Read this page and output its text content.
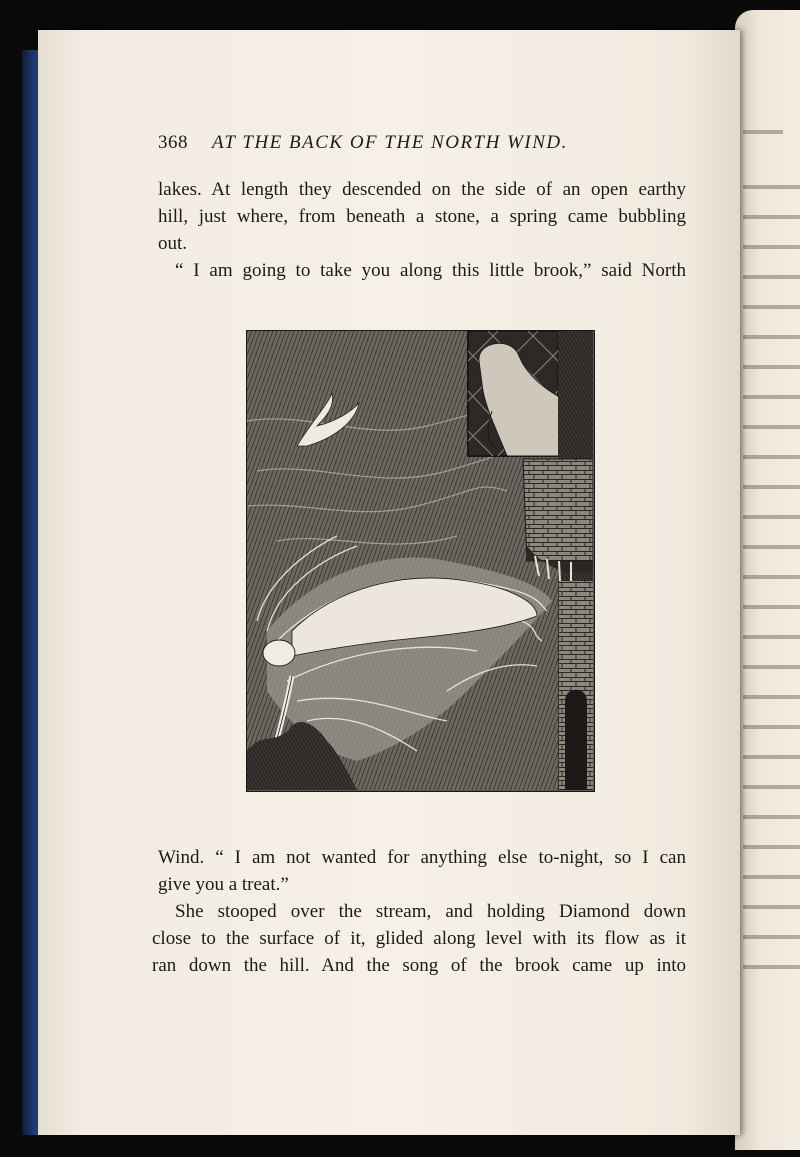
368 AT THE BACK OF THE NORTH WIND.
lakes. At length they descended on the side of an open earthy
hill, just where, from beneath a stone, a spring came bubbling
out.
“ I am going to take you along this little brook,” said North
Wind. “ I am not wanted for anything else to-night, so I can
give you a treat.”
She stooped over the stream, and holding Diamond down
close to the surface of it, glided along level with its flow as it
ran down the hill. And the song of the brook came up into
